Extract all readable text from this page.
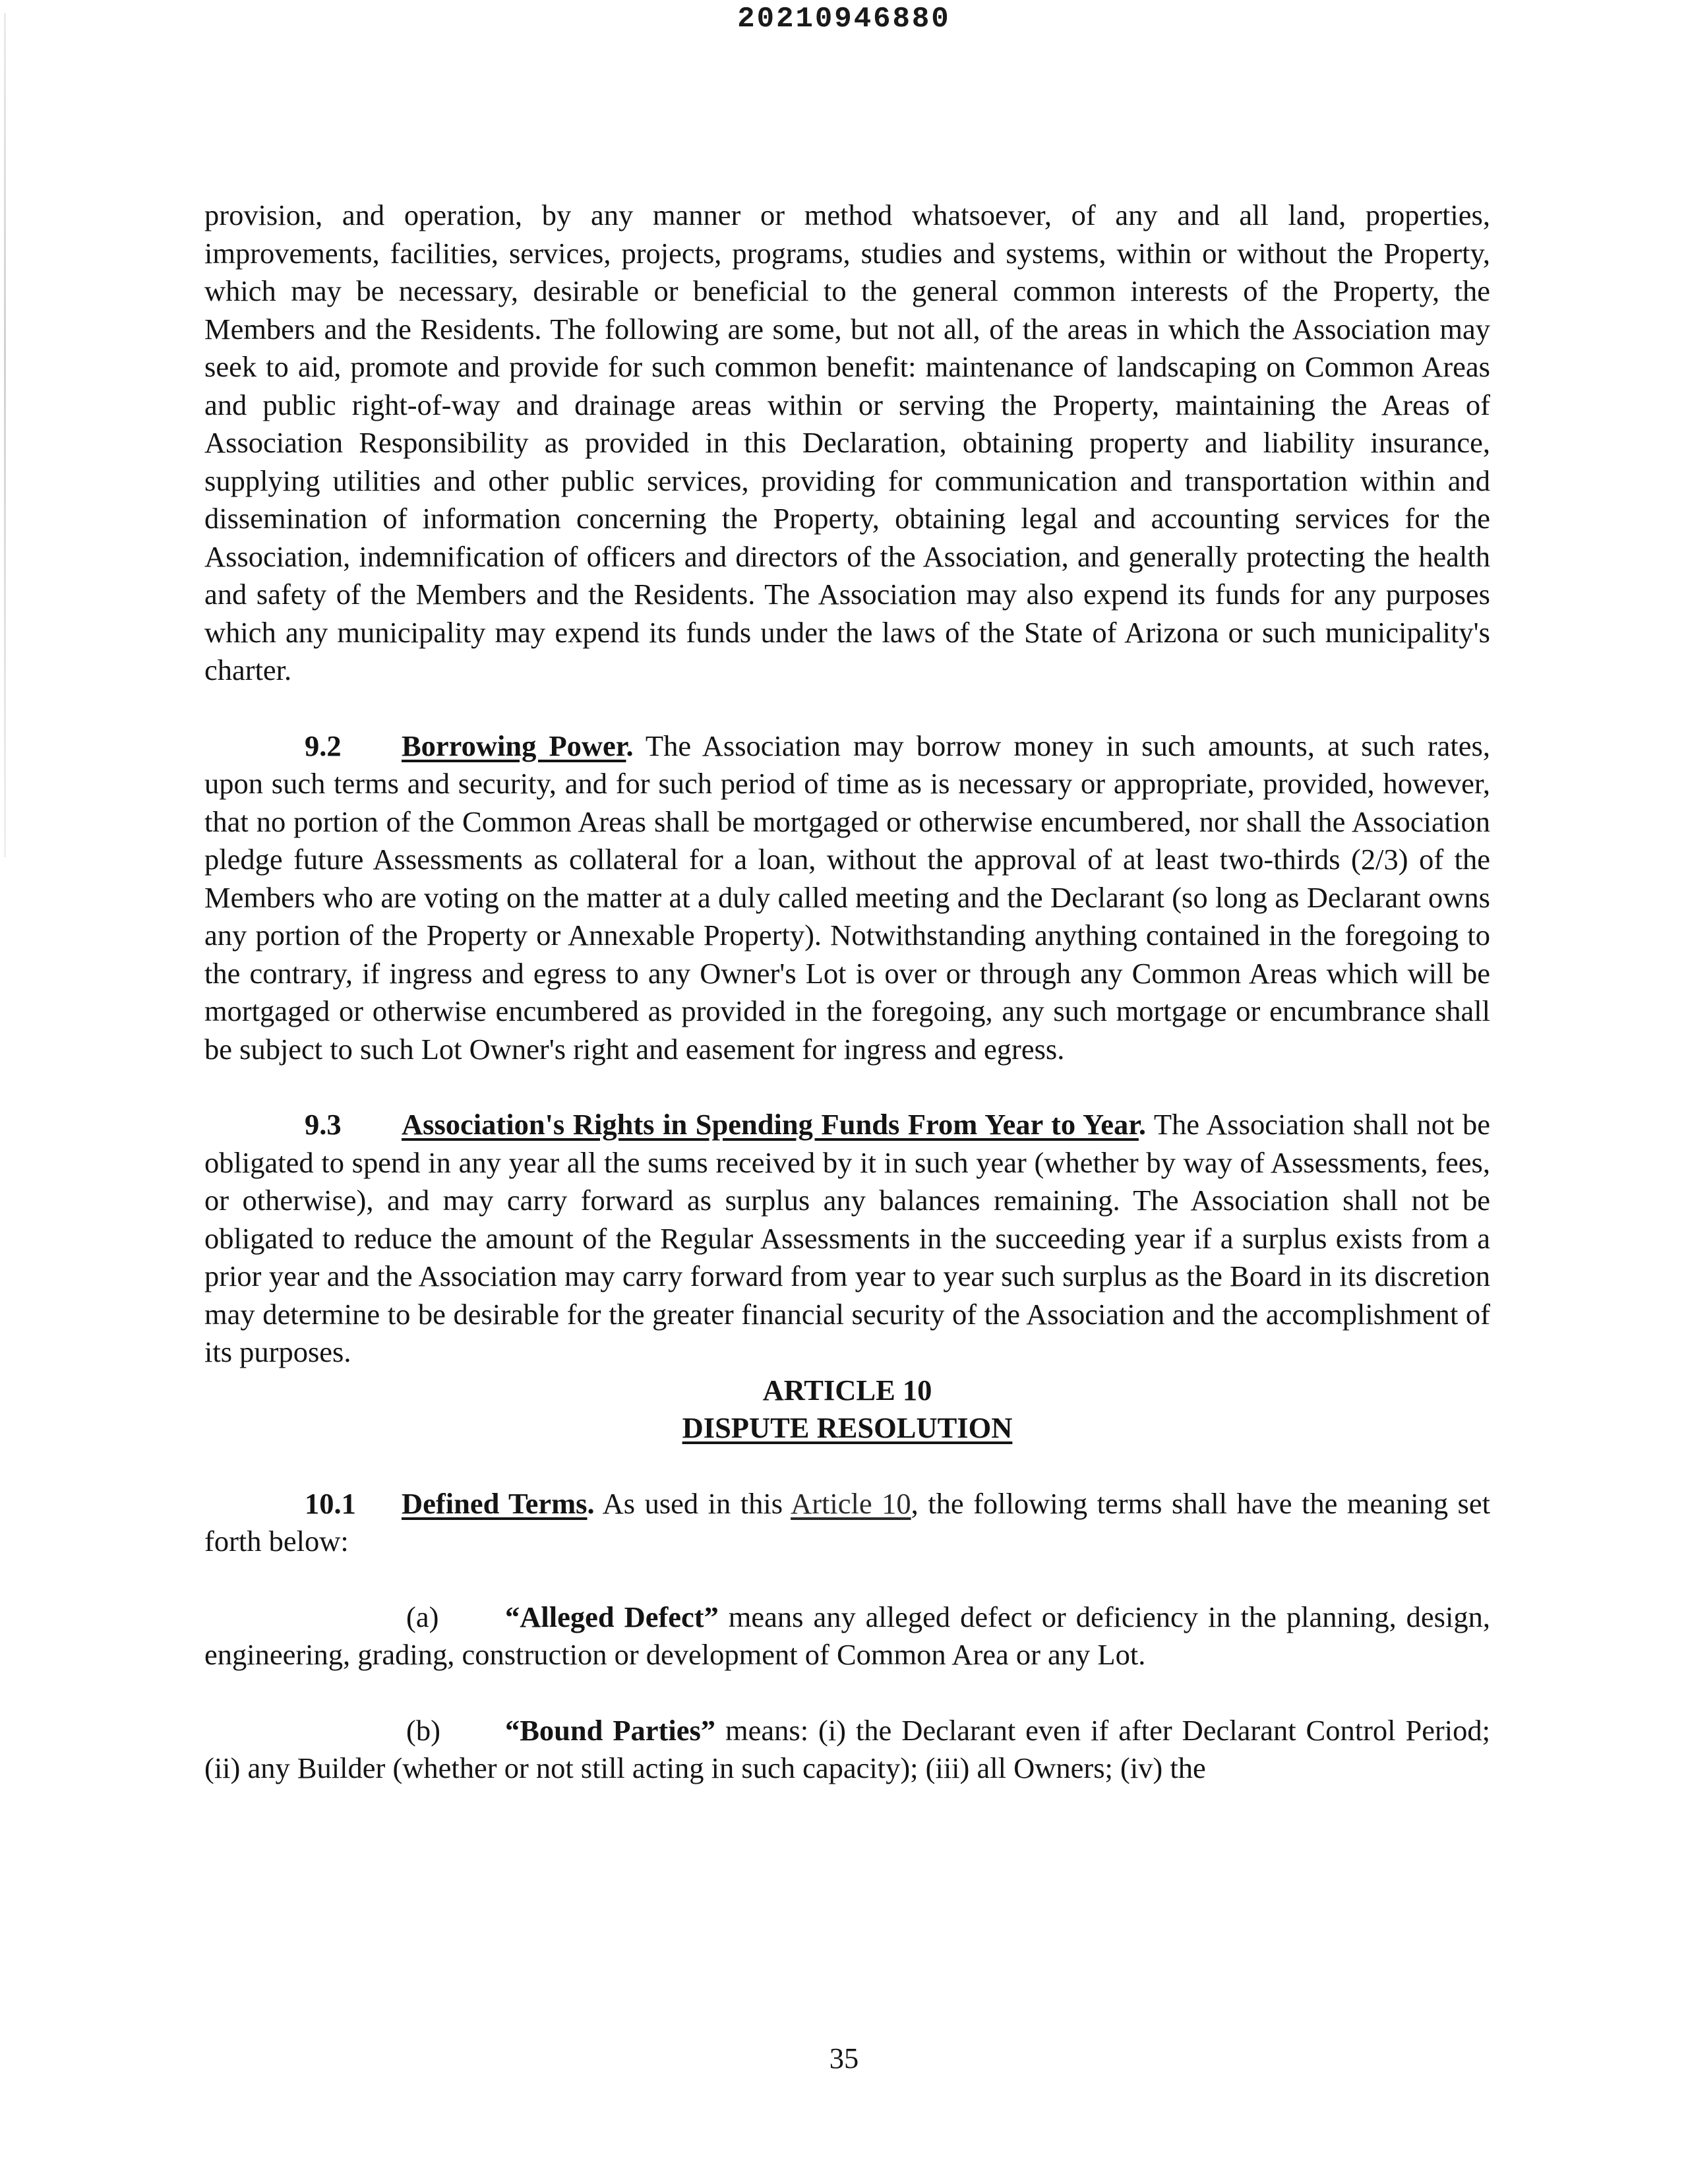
20210946880

provision, and operation, by any manner or method whatsoever, of any and all land, properties, improvements, facilities, services, projects, programs, studies and systems, within or without the Property, which may be necessary, desirable or beneficial to the general common interests of the Property, the Members and the Residents. The following are some, but not all, of the areas in which the Association may seek to aid, promote and provide for such common benefit: maintenance of landscaping on Common Areas and public right-of-way and drainage areas within or serving the Property, maintaining the Areas of Association Responsibility as provided in this Declaration, obtaining property and liability insurance, supplying utilities and other public services, providing for communication and transportation within and dissemination of information concerning the Property, obtaining legal and accounting services for the Association, indemnification of officers and directors of the Association, and generally protecting the health and safety of the Members and the Residents. The Association may also expend its funds for any purposes which any municipality may expend its funds under the laws of the State of Arizona or such municipality's charter.

9.2 Borrowing Power. The Association may borrow money in such amounts, at such rates, upon such terms and security, and for such period of time as is necessary or appropriate, provided, however, that no portion of the Common Areas shall be mortgaged or otherwise encumbered, nor shall the Association pledge future Assessments as collateral for a loan, without the approval of at least two-thirds (2/3) of the Members who are voting on the matter at a duly called meeting and the Declarant (so long as Declarant owns any portion of the Property or Annexable Property). Notwithstanding anything contained in the foregoing to the contrary, if ingress and egress to any Owner's Lot is over or through any Common Areas which will be mortgaged or otherwise encumbered as provided in the foregoing, any such mortgage or encumbrance shall be subject to such Lot Owner's right and easement for ingress and egress.

9.3 Association's Rights in Spending Funds From Year to Year. The Association shall not be obligated to spend in any year all the sums received by it in such year (whether by way of Assessments, fees, or otherwise), and may carry forward as surplus any balances remaining. The Association shall not be obligated to reduce the amount of the Regular Assessments in the succeeding year if a surplus exists from a prior year and the Association may carry forward from year to year such surplus as the Board in its discretion may determine to be desirable for the greater financial security of the Association and the accomplishment of its purposes.

ARTICLE 10

DISPUTE RESOLUTION

10.1 Defined Terms. As used in this Article 10, the following terms shall have the meaning set forth below:

(a) “Alleged Defect” means any alleged defect or deficiency in the planning, design, engineering, grading, construction or development of Common Area or any Lot.

(b) “Bound Parties” means: (i) the Declarant even if after Declarant Control Period; (ii) any Builder (whether or not still acting in such capacity); (iii) all Owners; (iv) the

35
